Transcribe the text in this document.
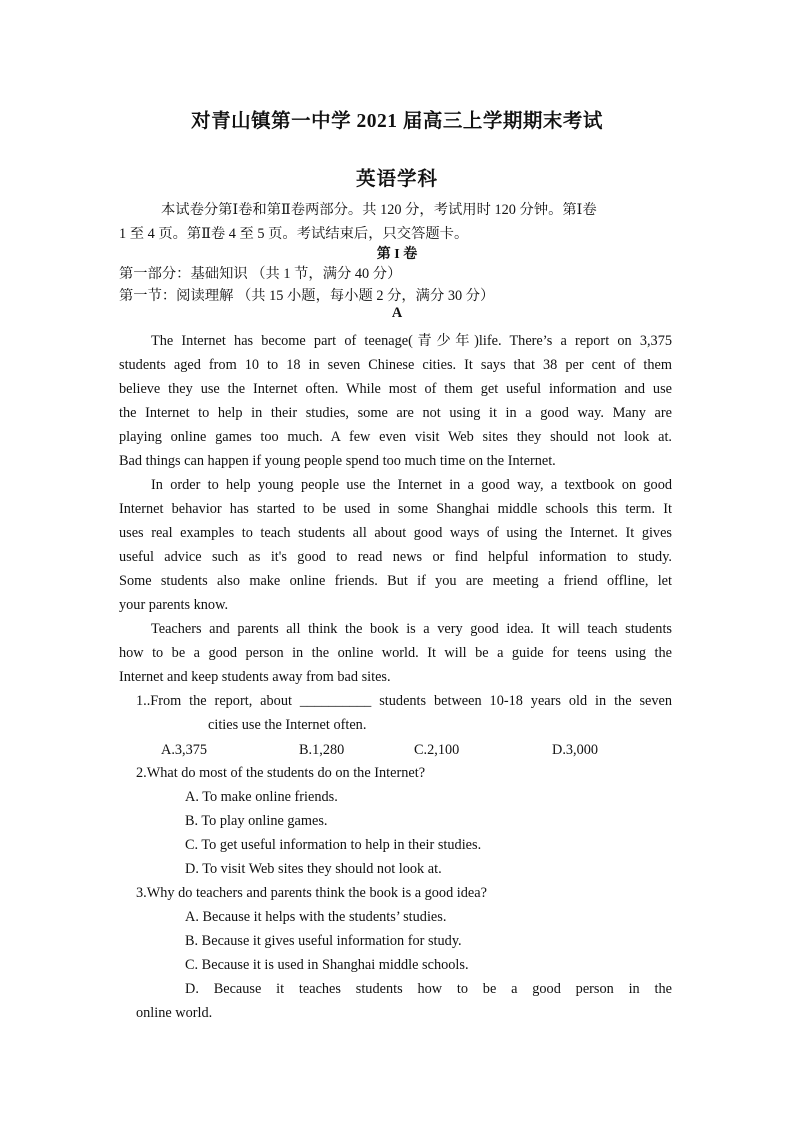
对青山镇第一中学 2021 届高三上学期期末考试
英语学科
本试卷分第Ⅰ卷和第Ⅱ卷两部分。共 120 分，考试用时 120 分钟。第Ⅰ卷
1 至 4 页。第Ⅱ卷 4 至 5 页。考试结束后，只交答题卡。
第 I 卷
第一部分：基础知识 （共 1 节，满分 40 分）
第一节：阅读理解 （共 15 小题，每小题 2 分，满分 30 分）
A
The Internet has become part of teenage(青少年)life. There’s a report on 3,375
students aged from 10 to 18 in seven Chinese cities. It says that 38 per cent of them
believe they use the Internet often. While most of them get useful information and use
the Internet to help in their studies, some are not using it in a good way. Many are
playing online games too much. A few even visit Web sites they should not look at.
Bad things can happen if young people spend too much time on the Internet.
In order to help young people use the Internet in a good way, a textbook on good
Internet behavior has started to be used in some Shanghai middle schools this term. It
uses real examples to teach students all about good ways of using the Internet. It gives
useful advice such as it's good to read news or find helpful information to study.
Some students also make online friends. But if you are meeting a friend offline, let
your parents know.
Teachers and parents all think the book is a very good idea. It will teach students
how to be a good person in the online world. It will be a guide for teens using the
Internet and keep students away from bad sites.
1..From the report, about __________ students between 10-18 years old in the seven
cities use the Internet often.
A.3,375	B.1,280	C.2,100	D.3,000
2.What do most of the students do on the Internet?
A. To make online friends.
B. To play online games.
C. To get useful information to help in their studies.
D. To visit Web sites they should not look at.
3.Why do teachers and parents think the book is a good idea?
A. Because it helps with the students’ studies.
B. Because it gives useful information for study.
C. Because it is used in Shanghai middle schools.
D. Because it teaches students how to be a good person in the
online world.
